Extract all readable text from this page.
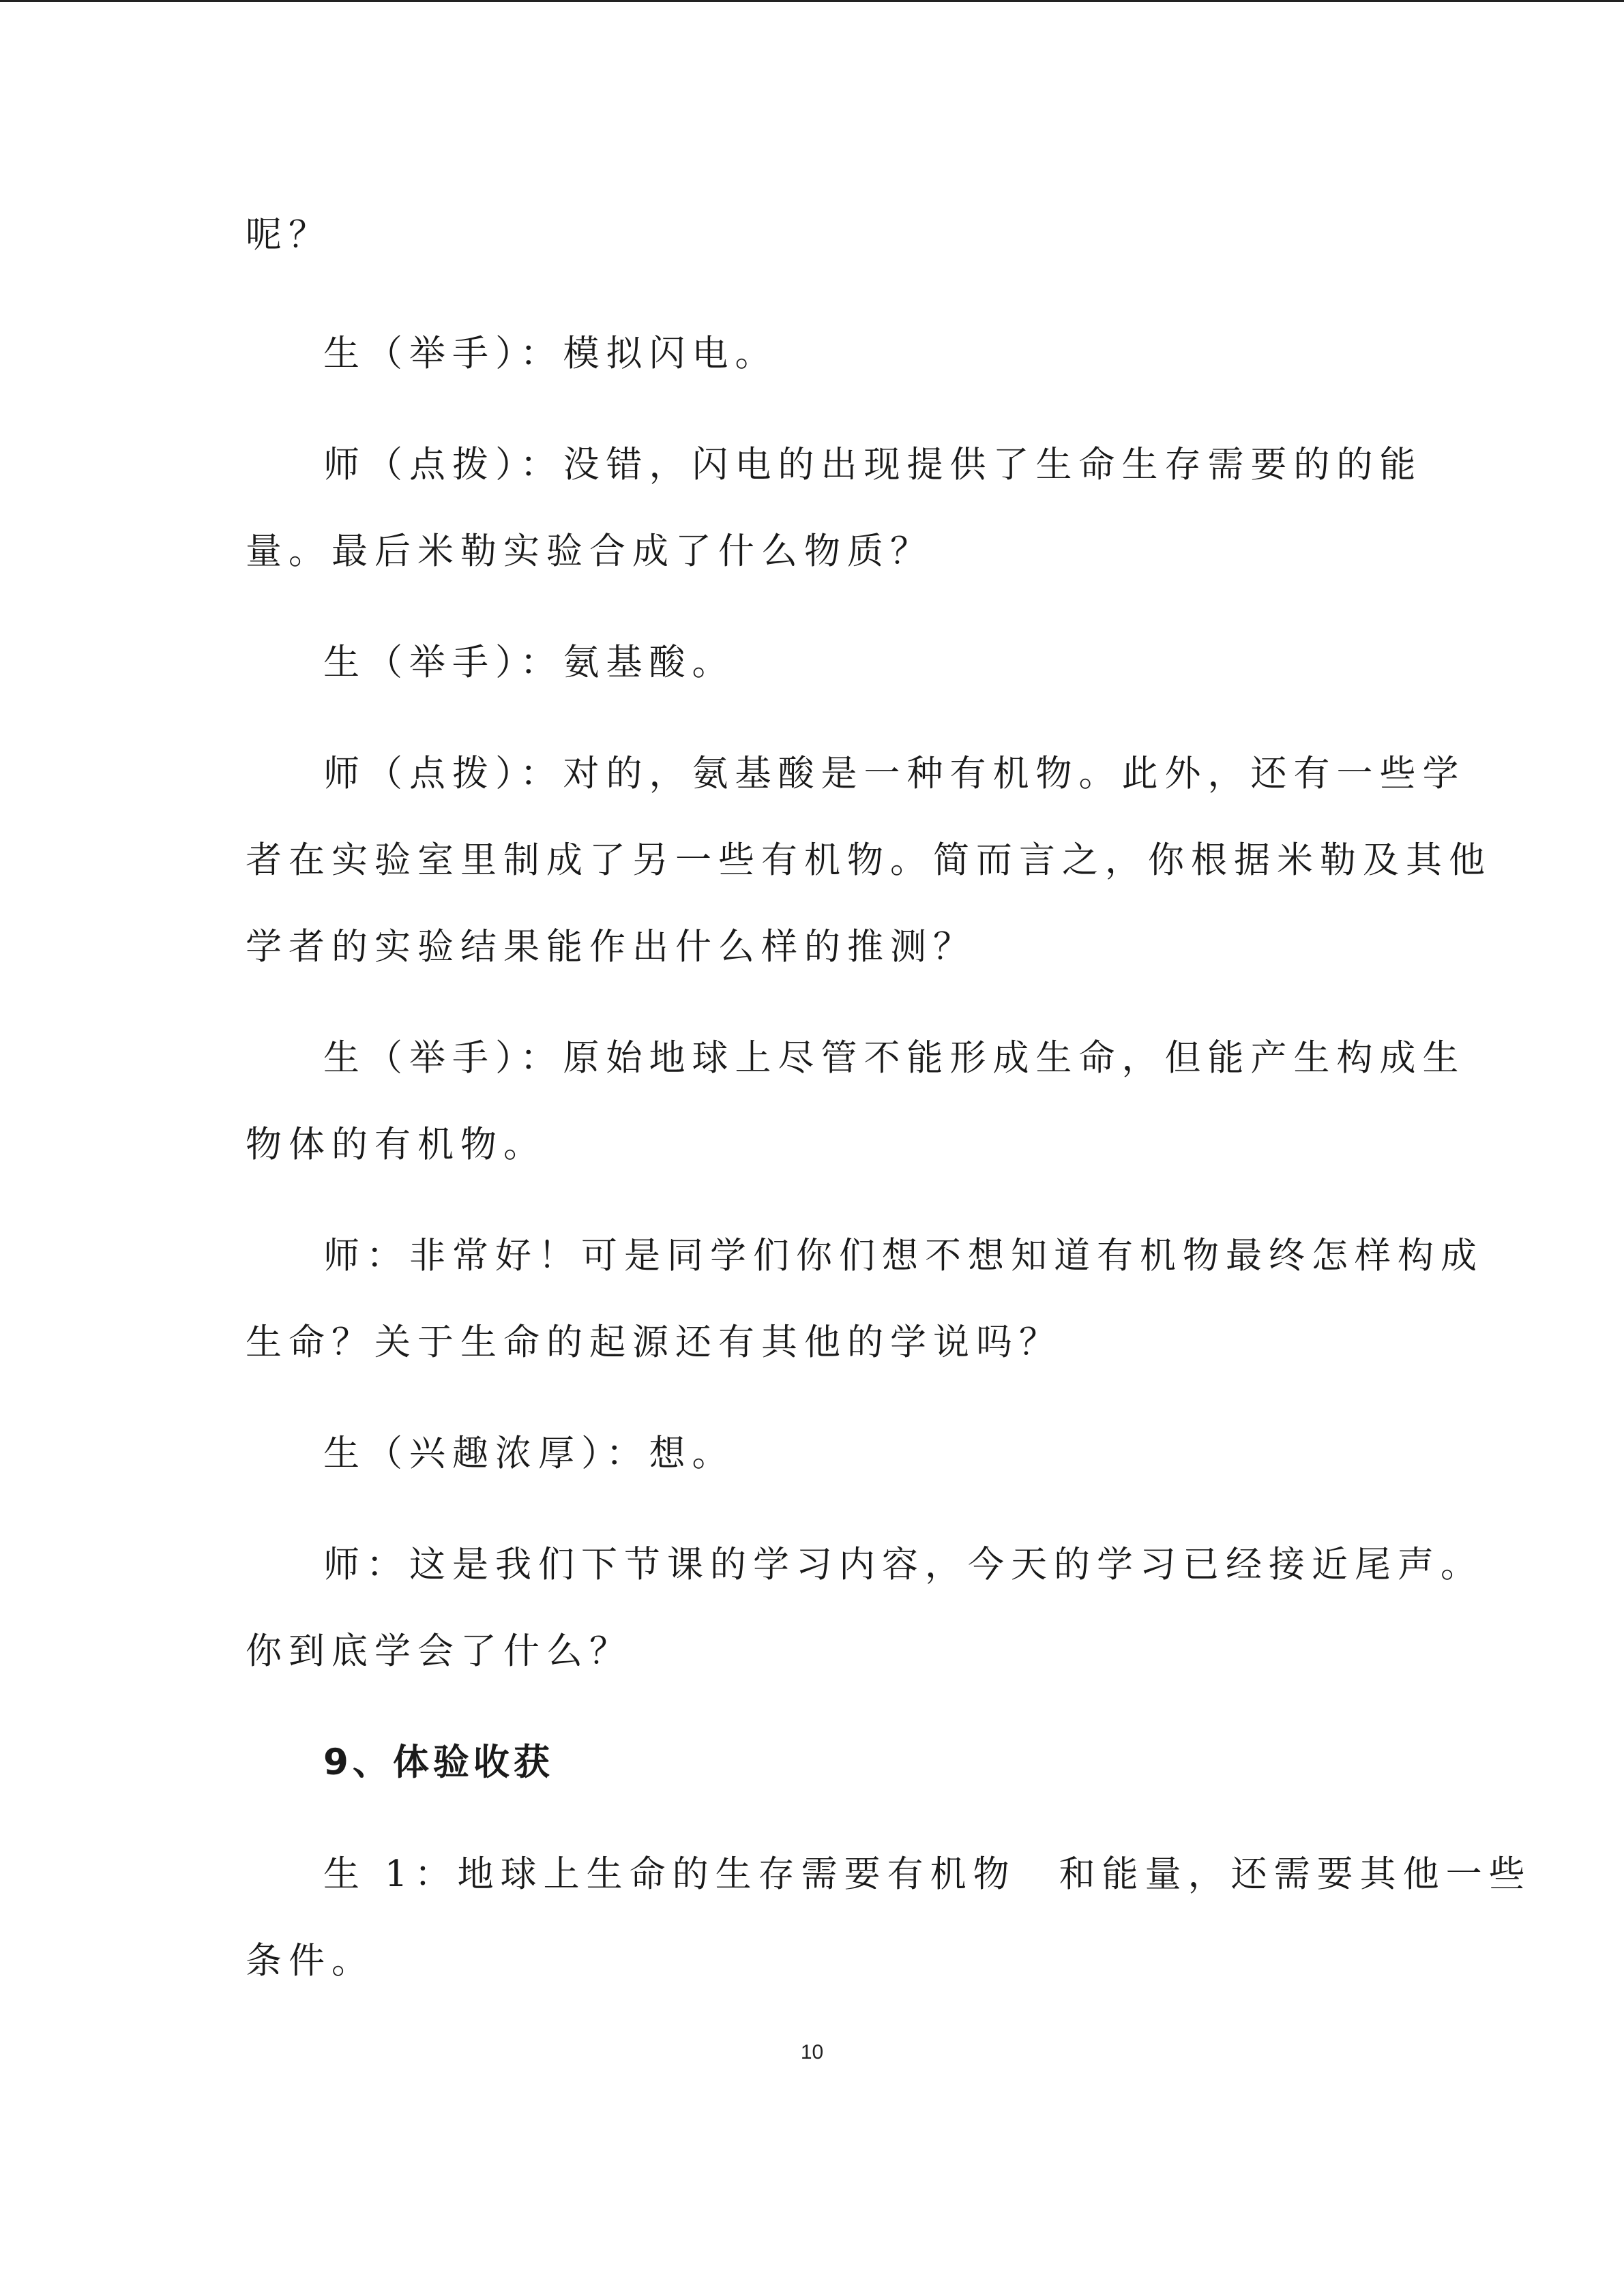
呢？
生（举手）：模拟闪电。
师（点拨）：没错，闪电的出现提供了生命生存需要的的能
量。最后米勒实验合成了什么物质？
生（举手）：氨基酸。
师（点拨）：对的，氨基酸是一种有机物。此外，还有一些学
者在实验室里制成了另一些有机物。简而言之，你根据米勒及其他
学者的实验结果能作出什么样的推测？
生（举手）：原始地球上尽管不能形成生命，但能产生构成生
物体的有机物。
师：非常好！可是同学们你们想不想知道有机物最终怎样构成
生命？关于生命的起源还有其他的学说吗？
生（兴趣浓厚）：想。
师：这是我们下节课的学习内容，今天的学习已经接近尾声。
你到底学会了什么？
9、体验收获
生 1：地球上生命的生存需要有机物　和能量，还需要其他一些
条件。
10
